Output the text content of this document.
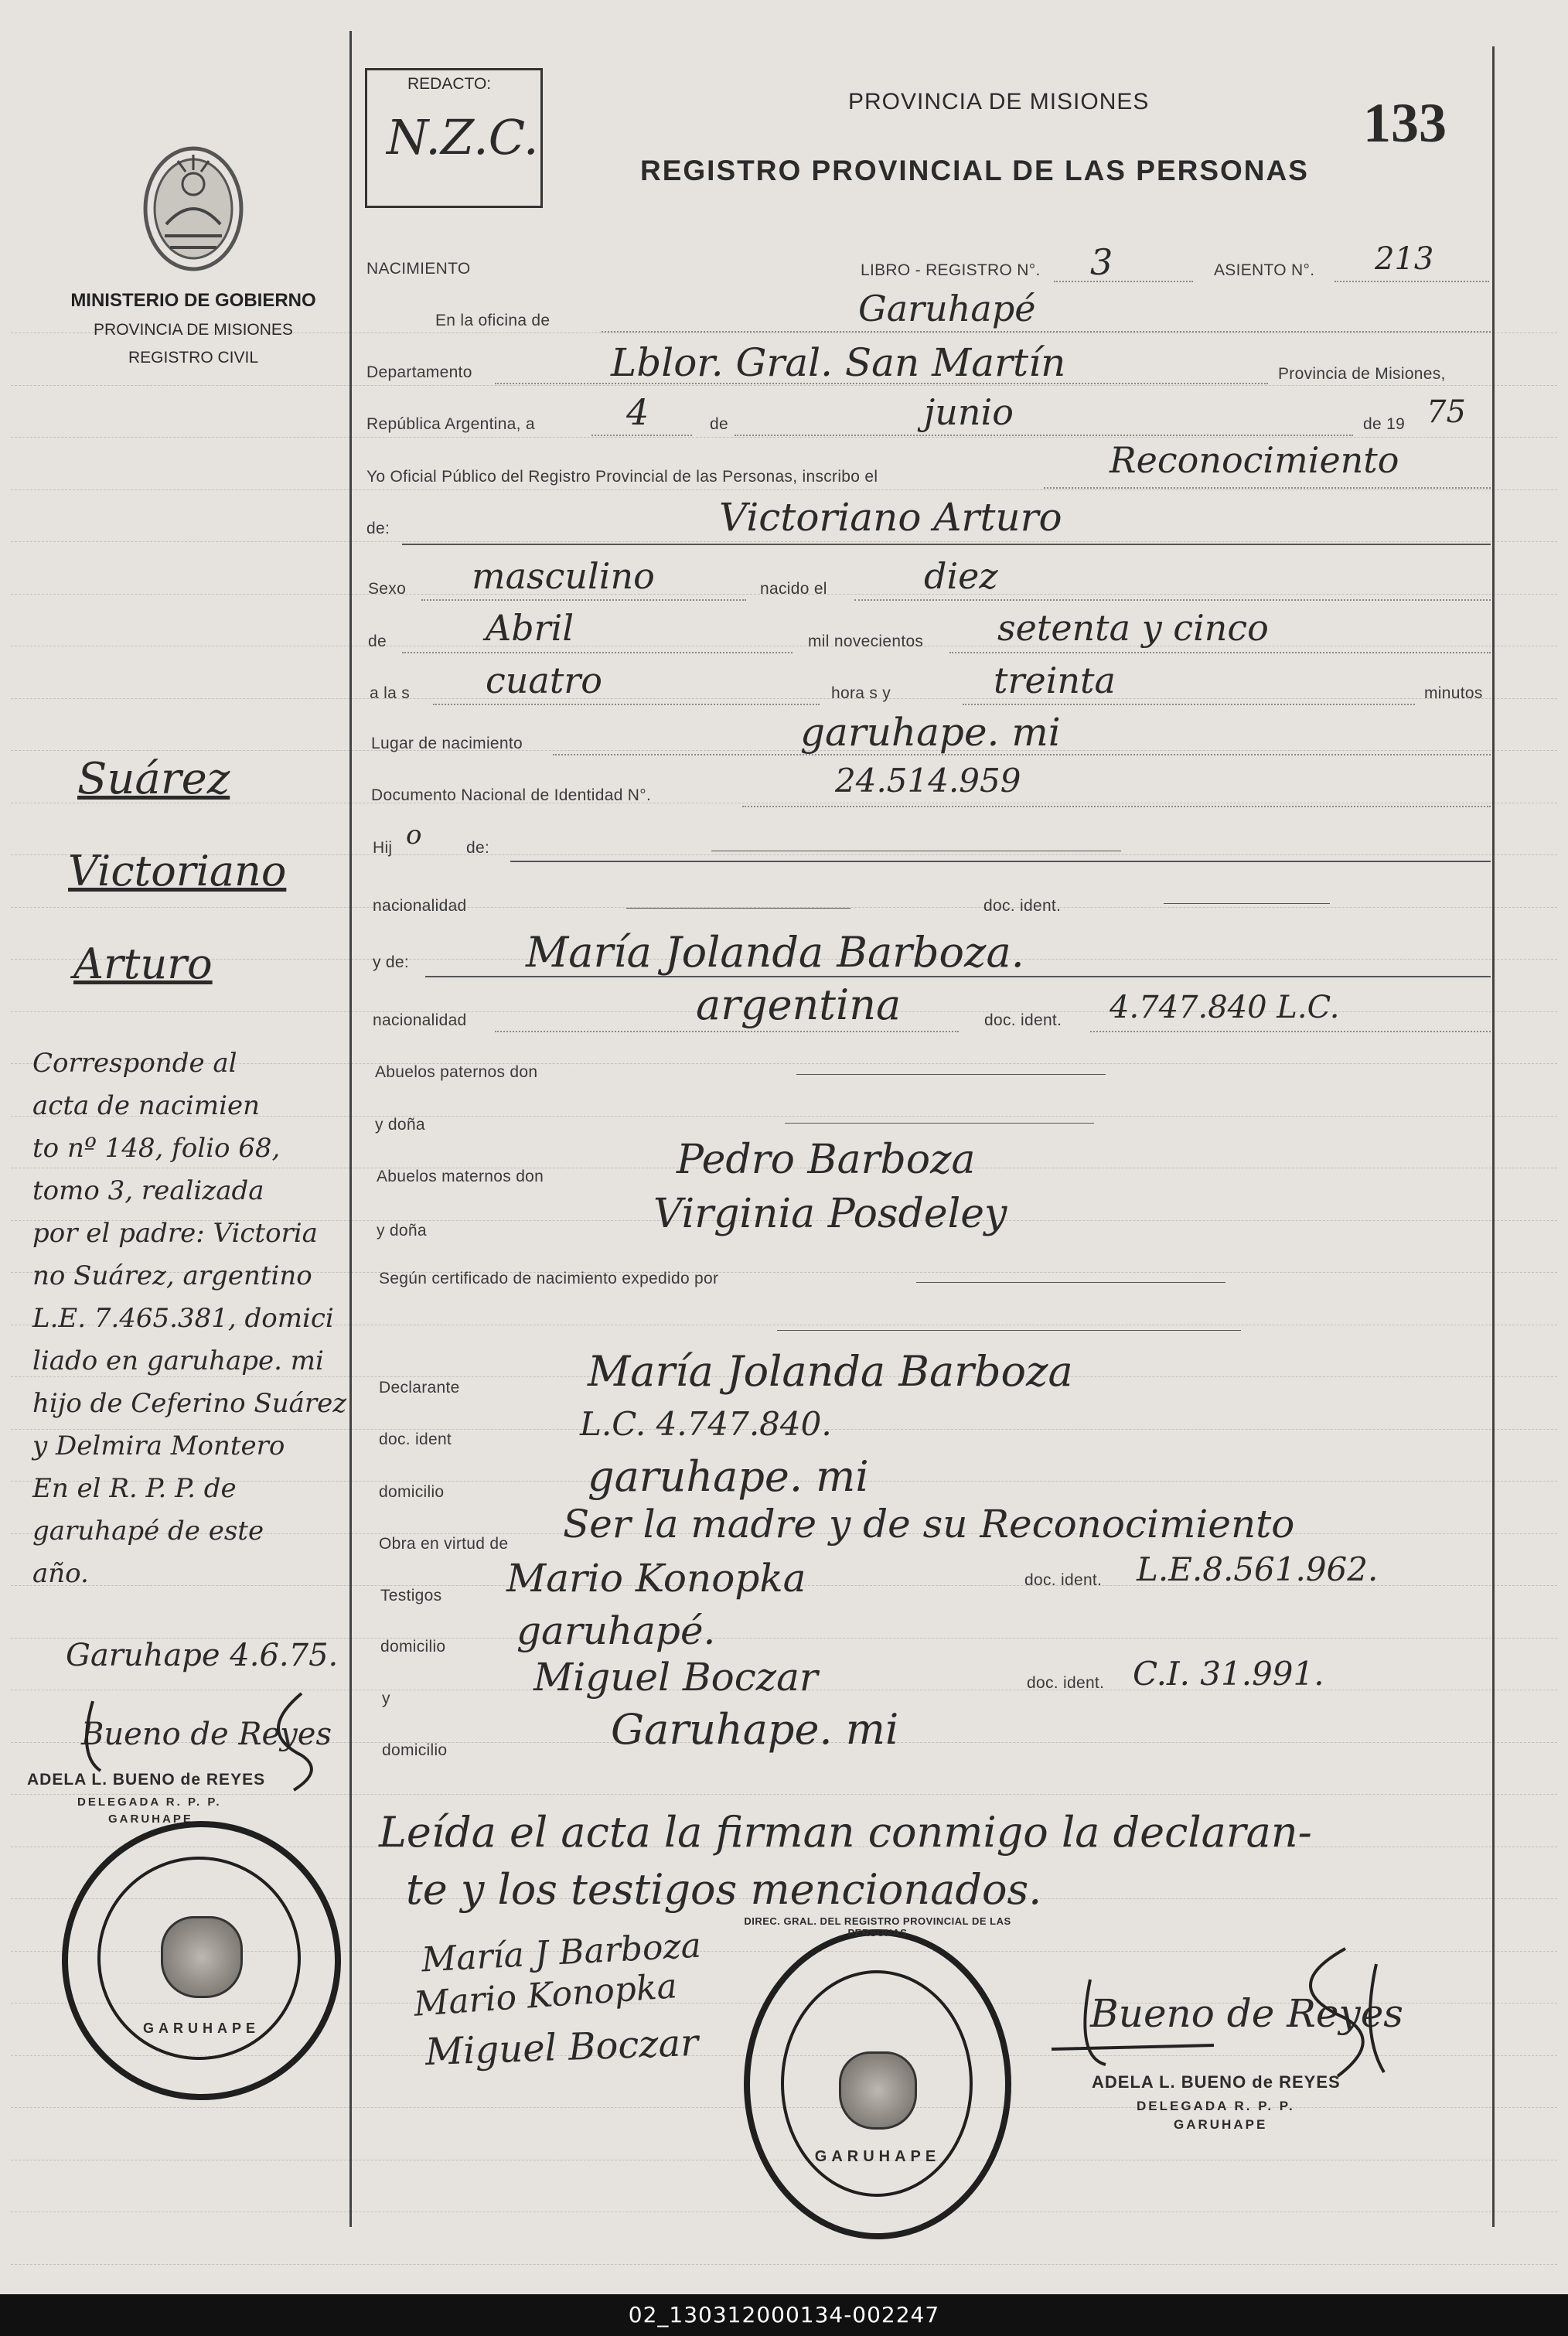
MINISTERIO DE GOBIERNO
PROVINCIA DE MISIONES
REGISTRO CIVIL
REDACTO:
N.Z.C.
PROVINCIA DE MISIONES
REGISTRO PROVINCIAL DE LAS PERSONAS
133
NACIMIENTO	LIBRO - REGISTRO N°. 3	ASIENTO N°. 213
En la oficina de	Garuhapé
Departamento	Lblor. Gral. San Martín	Provincia de Misiones,
República Argentina, a	4	de	junio	de 19 75
Yo Oficial Público del Registro Provincial de las Personas, inscribo el	Reconocimiento
de:	Victoriano Arturo
Sexo masculino	nacido el	diez
de	Abril	mil novecientos setenta y cinco
a la s cuatro	hora s y	treinta	minutos
Lugar de nacimiento	garuhape. mi
Documento Nacional de Identidad N°.	24.514.959
Hij o	de:
nacionalidad	doc. ident.
y de:	María Jolanda Barboza.
nacionalidad	argentina	doc. ident. 4.747.840 L.C.
Abuelos paternos don
y doña
Abuelos maternos don	Pedro Barboza
y doña	Virginia Posdeley
Según certificado de nacimiento expedido por
Declarante	María Jolanda Barboza
doc. ident	L.C. 4.747.840.
domicilio	garuhape. mi
Obra en virtud de Ser la madre y de su Reconocimiento
Testigos Mario Konopka	doc. ident. L.E.8.561.962.
domicilio garuhapé.
y	Miguel Boczar	doc. ident. C.I. 31.991.
domicilio	Garuhape. mi
Leída el acta la firman conmigo la declaran-
te y los testigos mencionados.
María J Barboza
Mario Konopka
Miguel Boczar
Bueno de Reyes
ADELA L. BUENO de REYES
DELEGADA R. P. P.
GARUHAPE
DIREC. GRAL. DEL REGISTRO PROVINCIAL DE LAS PERSONAS
GARUHAPE
Suárez
Victoriano
Arturo
Corresponde al
acta de nacimien
to nº 148, folio 68,
tomo 3, realizada
por el padre: Victoria
no Suárez, argentino
L.E. 7.465.381, domici
liado en garuhape. mi
hijo de Ceferino Suárez
y Delmira Montero
En el R. P. P. de
garuhapé de este
año.
Garuhape 4.6.75.
Bueno de Reyes
ADELA L. BUENO de REYES
DELEGADA R. P. P.
GARUHAPE
GARUHAPE
02_130312000134-002247
